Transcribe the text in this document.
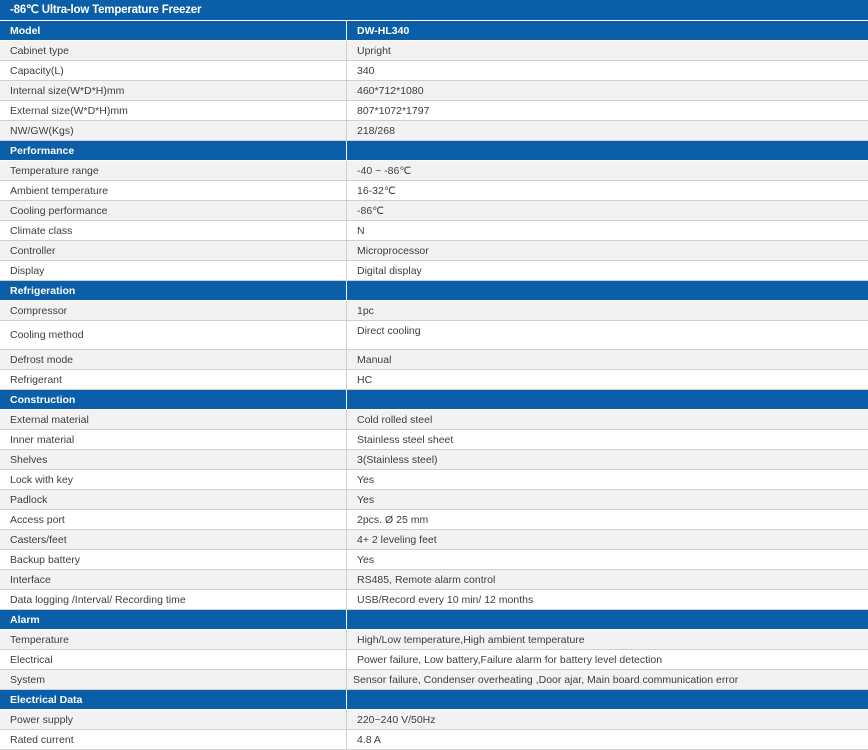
-86℃ Ultra-low Temperature Freezer
Model	DW-HL340
Cabinet type	Upright
Capacity(L)	340
Internal size(W*D*H)mm	460*712*1080
External size(W*D*H)mm	807*1072*1797
NW/GW(Kgs)	218/268
Performance
Temperature range	-40 ~ -86℃
Ambient temperature	16-32℃
Cooling performance	-86℃
Climate class	N
Controller	Microprocessor
Display	Digital display
Refrigeration
Compressor	1pc
Cooling method	Direct cooling
Defrost mode	Manual
Refrigerant	HC
Construction
External material	Cold rolled steel
Inner material	Stainless steel sheet
Shelves	3(Stainless steel)
Lock with key	Yes
Padlock	Yes
Access port	2pcs. Ø 25 mm
Casters/feet	4+ 2 leveling feet
Backup battery	Yes
Interface	RS485, Remote alarm control
Data logging /Interval/ Recording time	USB/Record every 10 min/ 12 months
Alarm
Temperature	High/Low temperature,High ambient temperature
Electrical	Power failure, Low battery,Failure alarm for battery level detection
System	Sensor failure, Condenser overheating ,Door ajar, Main board communication error
Electrical Data
Power supply	220~240 V/50Hz
Rated current	4.8 A
